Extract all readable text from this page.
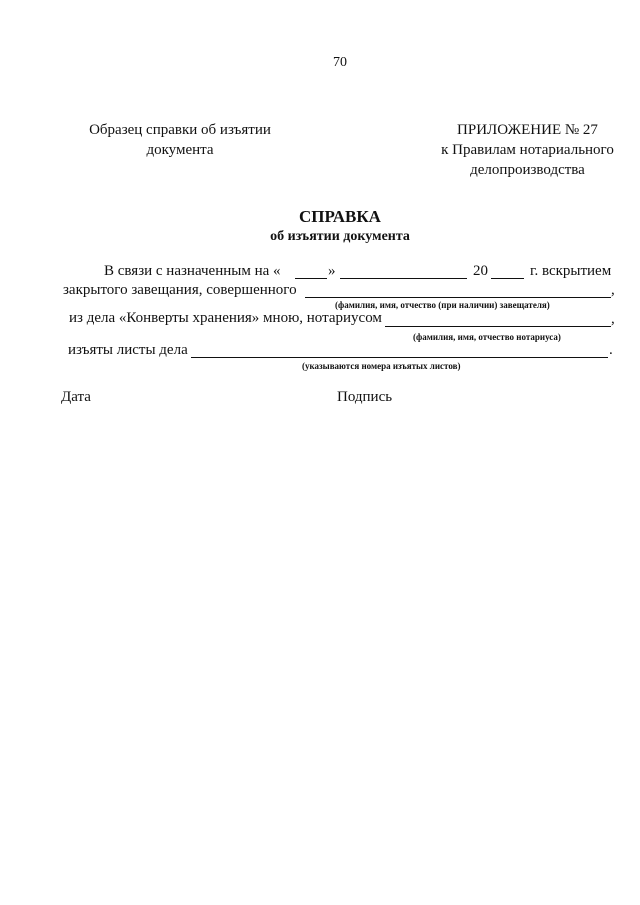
70
Образец справки об изъятии
документа
ПРИЛОЖЕНИЕ № 27
к Правилам нотариального
делопроизводства
СПРАВКА
об изъятии документа
В связи с назначенным на «	»	20	г. вскрытием
закрытого завещания, совершенного	,
(фамилия, имя, отчество (при наличии) завещателя)
из дела «Конверты хранения» мною, нотариусом	,
(фамилия, имя, отчество нотариуса)
изъяты листы дела	.
(указываются номера изъятых листов)
Дата	Подпись
